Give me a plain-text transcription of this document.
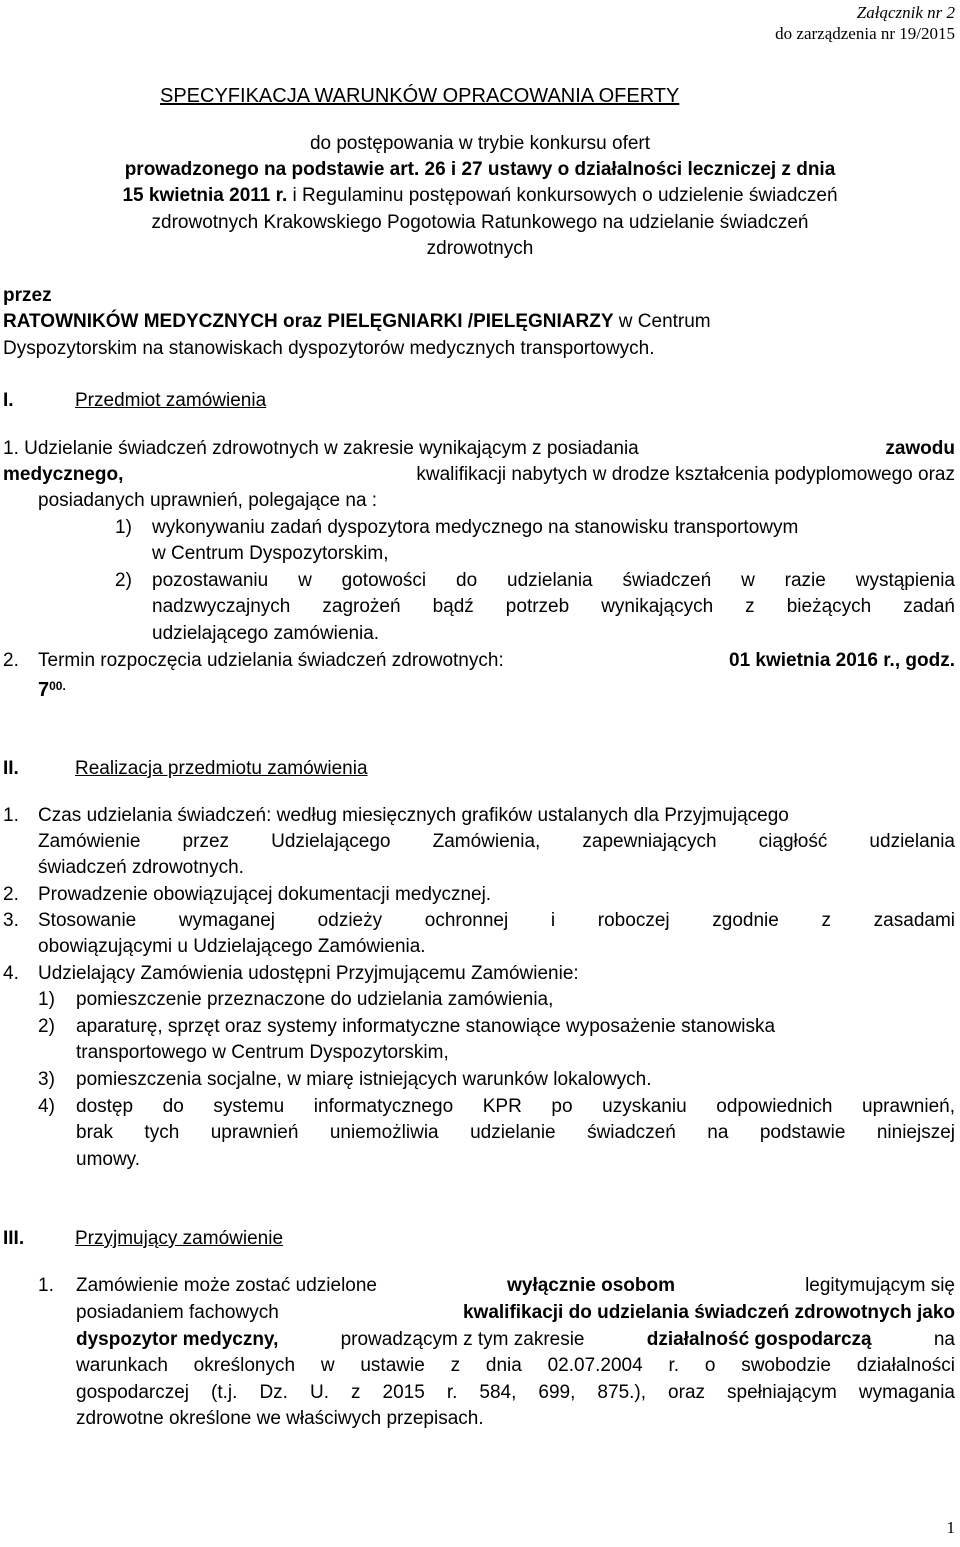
Załącznik nr 2
do zarządzenia nr 19/2015
SPECYFIKACJA WARUNKÓW OPRACOWANIA OFERTY
do postępowania w trybie konkursu ofert
prowadzonego na podstawie art. 26 i 27 ustawy o działalności leczniczej z dnia
15 kwietnia 2011 r. i Regulaminu postępowań konkursowych o udzielenie świadczeń
zdrowotnych Krakowskiego Pogotowia Ratunkowego na udzielanie świadczeń
zdrowotnych
przez
RATOWNIKÓW MEDYCZNYCH oraz PIELĘGNIARKI /PIELĘGNIARZY w Centrum
Dyspozytorskim na stanowiskach dyspozytorów medycznych transportowych.
I.	Przedmiot zamówienia
1. Udzielanie świadczeń zdrowotnych w zakresie wynikającym z posiadania	zawodu
medycznego,	kwalifikacji nabytych w drodze kształcenia podyplomowego oraz
posiadanych uprawnień, polegające na :
1) wykonywaniu zadań dyspozytora medycznego na stanowisku transportowym
w Centrum Dyspozytorskim,
2) pozostawaniu w gotowości do udzielania świadczeń w razie wystąpienia
nadzwyczajnych zagrożeń bądź potrzeb wynikających z bieżących zadań
udzielającego zamówienia.
2. Termin rozpoczęcia udzielania świadczeń zdrowotnych:	01 kwietnia 2016 r., godz.
$7^{00.}$
II.	Realizacja przedmiotu zamówienia
1. Czas udzielania świadczeń: według miesięcznych grafików ustalanych dla Przyjmującego
Zamówienie przez Udzielającego Zamówienia, zapewniających ciągłość udzielania
świadczeń zdrowotnych.
2. Prowadzenie obowiązującej dokumentacji medycznej.
3. Stosowanie wymaganej odzieży ochronnej i roboczej zgodnie z zasadami
obowiązującymi u Udzielającego Zamówienia.
4. Udzielający Zamówienia udostępni Przyjmującemu Zamówienie:
1) pomieszczenie przeznaczone do udzielania zamówienia,
2) aparaturę, sprzęt oraz systemy informatyczne stanowiące wyposażenie stanowiska
transportowego w Centrum Dyspozytorskim,
3) pomieszczenia socjalne, w miarę istniejących warunków lokalowych.
4) dostęp do systemu informatycznego KPR po uzyskaniu odpowiednich uprawnień,
brak tych uprawnień uniemożliwia udzielanie świadczeń na podstawie niniejszej
umowy.
III.	Przyjmujący zamówienie
1. Zamówienie może zostać udzielone	wyłącznie osobom	legitymującym się
posiadaniem fachowych	kwalifikacji do udzielania świadczeń zdrowotnych jako
dyspozytor medyczny,	prowadzącym z tym zakresie	działalność gospodarczą	na
warunkach określonych w ustawie z dnia 02.07.2004 r. o swobodzie działalności
gospodarczej (t.j. Dz. U. z 2015 r. 584, 699, 875.), oraz spełniającym wymagania
zdrowotne określone we właściwych przepisach.
1
